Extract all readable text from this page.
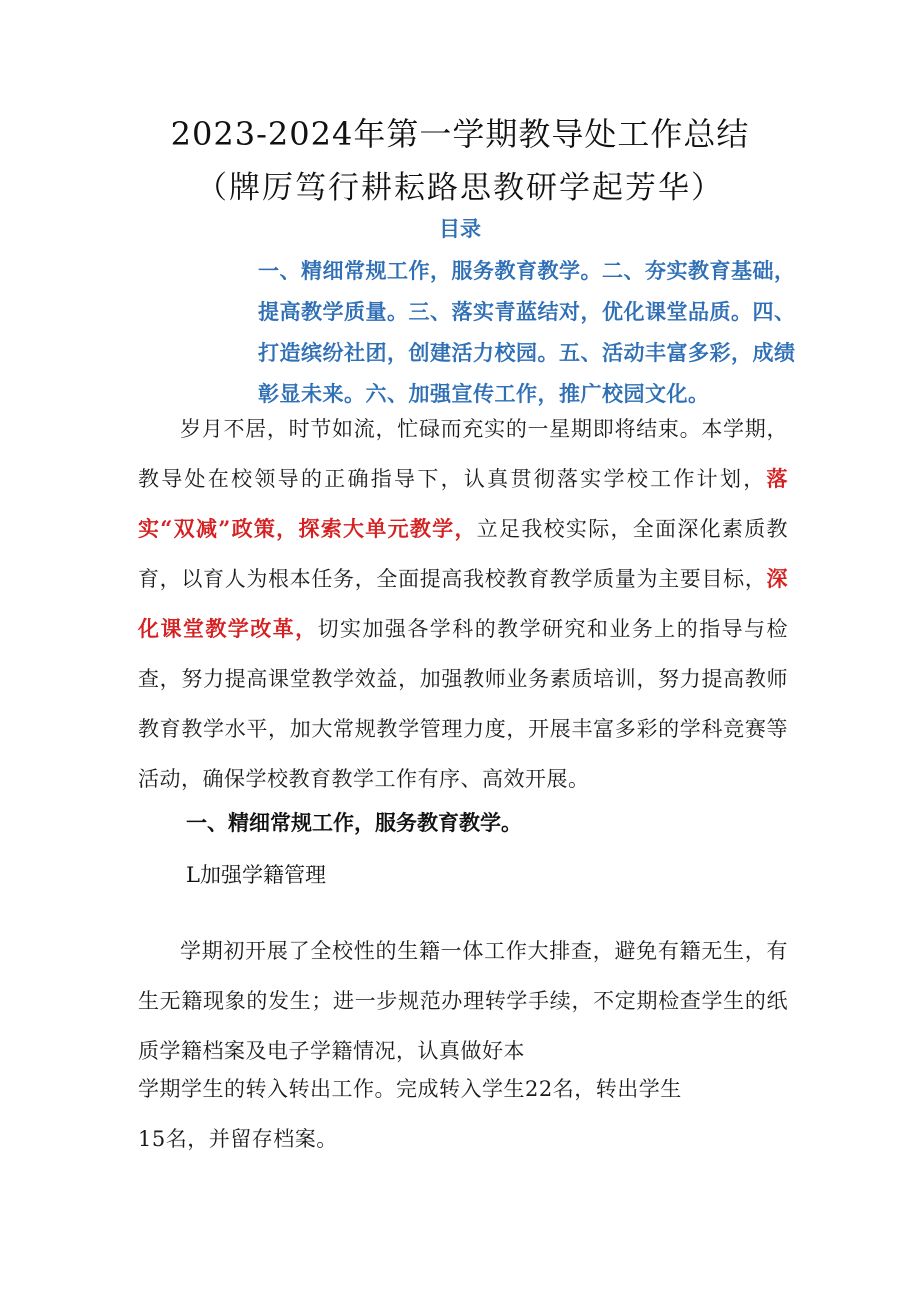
2023-2024年第一学期教导处工作总结
（牌厉笃行耕耘路思教研学起芳华）
目录
一、精细常规工作，服务教育教学。二、夯实教育基础，提高教学质量。三、落实青蓝结对，优化课堂品质。四、打造缤纷社团，创建活力校园。五、活动丰富多彩，成绩彰显未来。六、加强宣传工作，推广校园文化。
岁月不居，时节如流，忙碌而充实的一星期即将结束。本学期，教导处在校领导的正确指导下，认真贯彻落实学校工作计划，落实“双减”政策，探索大单元教学，立足我校实际，全面深化素质教育，以育人为根本任务，全面提高我校教育教学质量为主要目标，深化课堂教学改革，切实加强各学科的教学研究和业务上的指导与检查，努力提高课堂教学效益，加强教师业务素质培训，努力提高教师教育教学水平，加大常规教学管理力度，开展丰富多彩的学科竞赛等活动，确保学校教育教学工作有序、高效开展。
一、精细常规工作，服务教育教学。
L加强学籍管理
学期初开展了全校性的生籍一体工作大排查，避免有籍无生，有生无籍现象的发生；进一步规范办理转学手续，不定期检查学生的纸质学籍档案及电子学籍情况，认真做好本
学期学生的转入转出工作。完成转入学生22名，转出学生
15名，并留存档案。
